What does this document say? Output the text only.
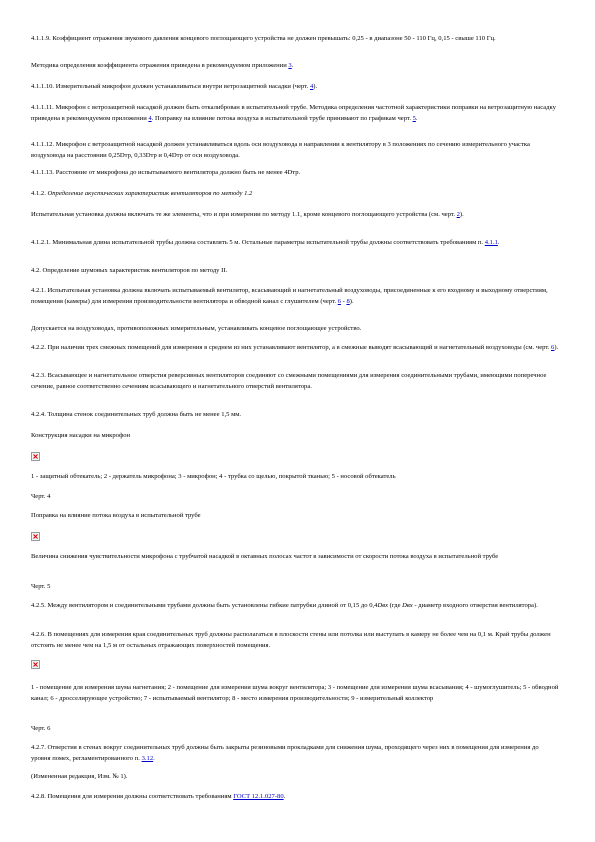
4.1.1.9. Коэффициент отражения звукового давления концевого поглощающего устройства не должен превышать: 0,25 - в диапазоне 50 - 110 Гц, 0,15 - свыше 110 Гц.

Методика определения коэффициента отражения приведена в рекомендуемом приложении 3.

4.1.1.10. Измерительный микрофон должен устанавливаться внутри ветрозащитной насадки (черт. 4).

4.1.1.11. Микрофон с ветрозащитной насадкой должен быть откалиброван в испытательной трубе. Методика определения частотной характеристики поправки на ветрозащитную насадку приведена в рекомендуемом приложении 4. Поправку на влияние потока воздуха в испытательной трубе принимают по графикам черт. 5.

4.1.1.12. Микрофон с ветрозащитной насадкой должен устанавливаться вдоль оси воздуховода в направлении к вентилятору в 3 положениях по сечению измерительного участка воздуховода на расстоянии 0,25Dтр, 0,33Dтр и 0,4Dтр от оси воздуховода.

4.1.1.13. Расстояние от микрофона до испытываемого вентилятора должно быть не менее 4Dтр.

4.1.2. Определение акустических характеристик вентиляторов по методу 1.2

Испытательная установка должна включать те же элементы, что и при измерении по методу 1.1, кроме концевого поглощающего устройства (см. черт. 2).

4.1.2.1. Минимальная длина испытательной трубы должна составлять 5 м. Остальные параметры испытательной трубы должны соответствовать требованиям п. 4.1.1.

4.2. Определение шумовых характеристик вентиляторов по методу II.

4.2.1. Испытательная установка должна включать испытываемый вентилятор, всасывающий и нагнетательный воздуховоды, присоединенные к его входному и выходному отверстиям, помещения (камеры) для измерения производительности вентилятора и обводной канал с глушителем (черт. 6 - 8).

Допускается на воздуховодах, противоположных измерительным, устанавливать концевое поглощающее устройство.

4.2.2. При наличии трех смежных помещений для измерения в среднем из них устанавливают вентилятор, а в смежные выводят всасывающий и нагнетательный воздуховоды (см. черт. 6).

4.2.3. Всасывающее и нагнетательное отверстия реверсивных вентиляторов соединяют со смежными помещениями для измерения соединительными трубами, имеющими поперечное сечение, равное соответственно сечениям всасывающего и нагнетательного отверстий вентилятора.

4.2.4. Толщина стенок соединительных труб должна быть не менее 1,5 мм.

Конструкция насадки на микрофон

1 - защитный обтекатель; 2 - держатель микрофона; 3 - микрофон; 4 - трубка со щелью, покрытой тканью; 5 - носовой обтекатель

Черт. 4

Поправка на влияние потока воздуха в испытательной трубе

Величина снижения чувствительности микрофона с трубчатой насадкой в октавных полосах частот в зависимости от скорости потока воздуха в испытательной трубе

Черт. 5

4.2.5. Между вентилятором и соединительными трубами должны быть установлены гибкие патрубки длиной от 0,15 до 0,4Dвх (где Dвх - диаметр входного отверстия вентилятора).

4.2.6. В помещениях для измерения края соединительных труб должны располагаться в плоскости стены или потолка или выступать в камеру не более чем на 0,1 м. Край трубы должен отстоять не менее чем на 1,5 м от остальных отражающих поверхностей помещения.

1 - помещение для измерения шума нагнетания; 2 - помещение для измерения шума вокруг вентилятора; 3 - помещение для измерения шума всасывания; 4 - шумоглушитель; 5 - обводной канал; 6 - дросселирующее устройство; 7 - испытываемый вентилятор; 8 - место измерения производительности; 9 - измерительный коллектор

Черт. 6

4.2.7. Отверстия в стенах вокруг соединительных труб должны быть закрыты резиновыми прокладками для снижения шума, проходящего через них в помещения для измерения до уровня помех, регламентированного п. 3.12.

(Измененная редакция, Изм. № 1).

4.2.8. Помещения для измерения должны соответствовать требованиям ГОСТ 12.1.027-80.
